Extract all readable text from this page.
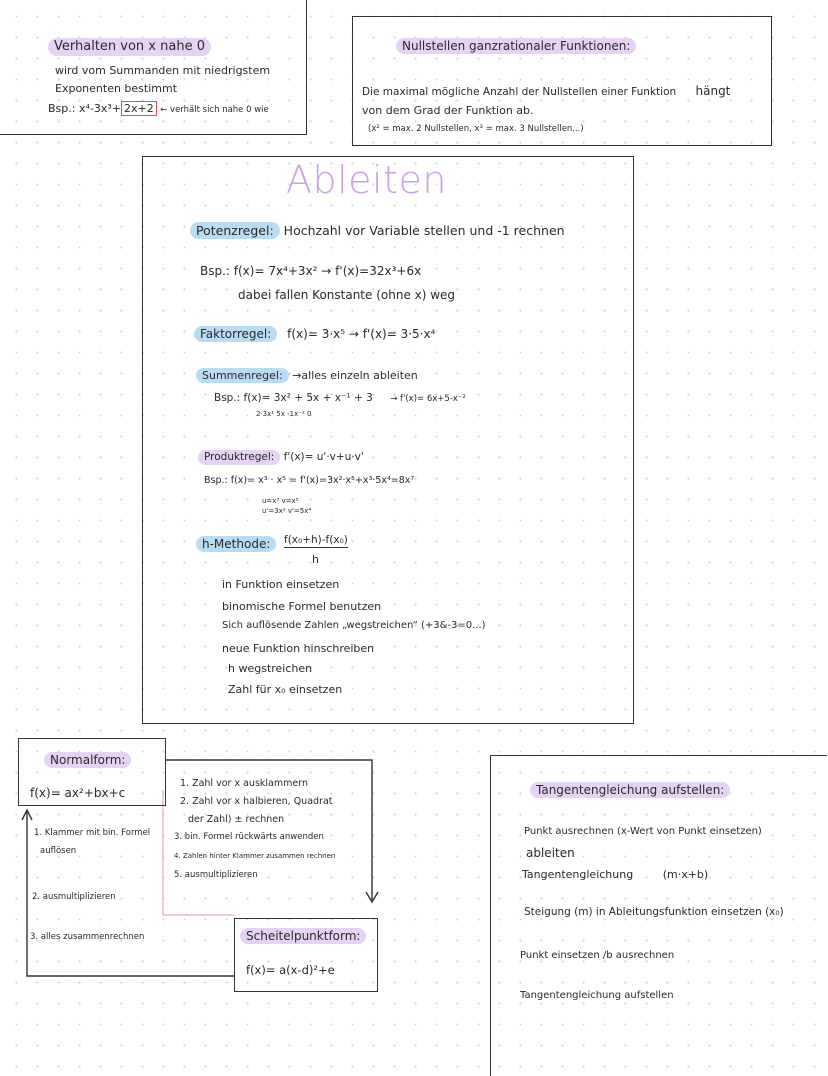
Verhalten von x nahe 0
wird vom Summanden mit niedrigstem
Exponenten bestimmt
Bsp.: x⁴-3x³+ 2x+2 ← verhält sich nahe 0 wie
Nullstellen ganzrationaler Funktionen:
Die maximal mögliche Anzahl der Nullstellen einer Funktion hängt
von dem Grad der Funktion ab.
(x² = max. 2 Nullstellen, x³ = max. 3 Nullstellen...)
Ableiten
Potenzregel: Hochzahl vor Variable stellen und -1 rechnen
Bsp.: f(x)= 7x⁴+3x² → f'(x)=32x³+6x
dabei fallen Konstante (ohne x) weg
Faktorregel: f(x)= 3·x⁵ → f'(x)= 3·5·x⁴
Summenregel: →alles einzeln ableiten
Bsp.: f(x)= 3x² + 5x + x⁻¹ + 3 → f'(x)= 6x+5-x⁻²
2·3x¹ 5x -1x⁻² 0
Produktregel: f'(x)= u'·v+u·v'
Bsp.: f(x)= x³ · x⁵ = f'(x)=3x²·x⁵+x³·5x⁴=8x⁷
u=x³ v=x⁵
u'=3x² v'=5x⁴
h-Methode:	f(x₀+h)-f(x₀)
h
in Funktion einsetzen
binomische Formel benutzen
Sich auflösende Zahlen „wegstreichen“ (+3&-3=0...)
neue Funktion hinschreiben
h wegstreichen
Zahl für x₀ einsetzen
Normalform:
f(x)= ax²+bx+c
1. Klammer mit bin. Formel
auflösen
2. ausmultiplizieren
3. alles zusammenrechnen
1. Zahl vor x ausklammern
2. Zahl vor x halbieren, Quadrat
der Zahl) ± rechnen
3. bin. Formel rückwärts anwenden
4. Zahlen hinter Klammer zusammen rechnen
5. ausmultiplizieren
Scheitelpunktform:
f(x)= a(x-d)²+e
Tangentengleichung aufstellen:
Punkt ausrechnen (x-Wert von Punkt einsetzen)
ableiten
Tangentengleichung	(m·x+b)
Steigung (m) in Ableitungsfunktion einsetzen (x₀)
Punkt einsetzen /b ausrechnen
Tangentengleichung aufstellen
